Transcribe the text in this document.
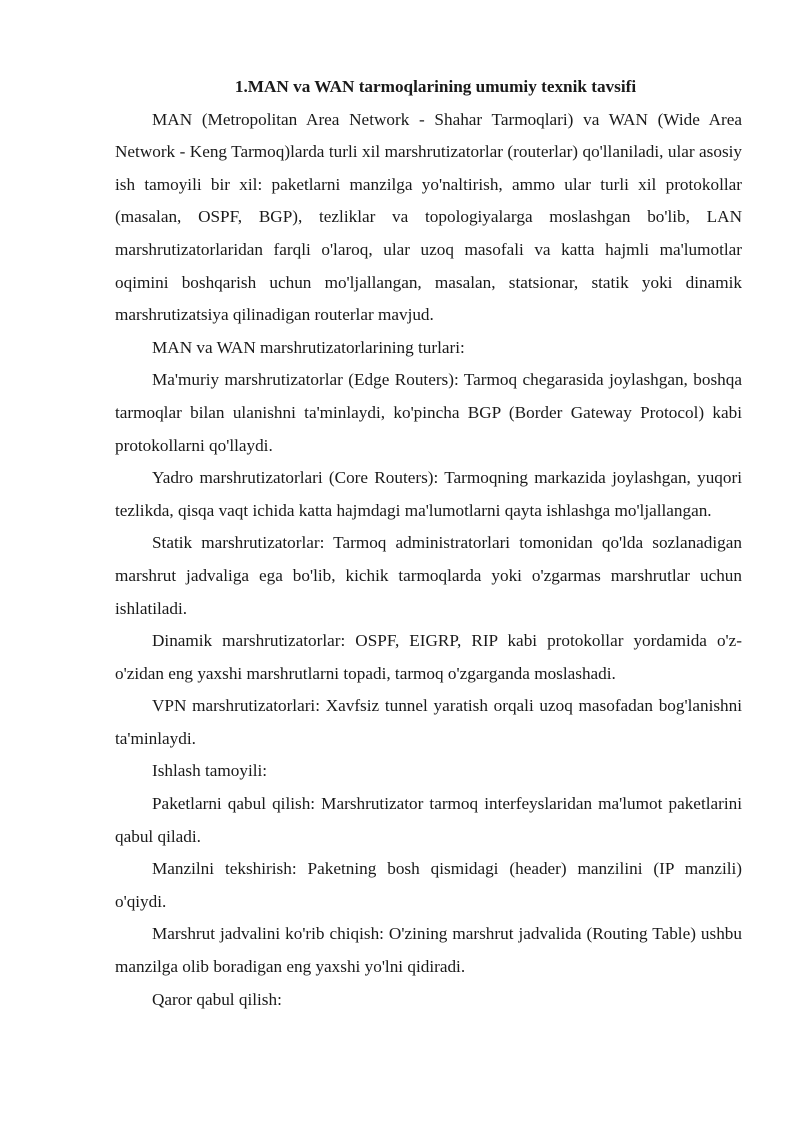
1.MAN va WAN tarmoqlarining umumiy texnik tavsifi

MAN (Metropolitan Area Network - Shahar Tarmoqlari) va WAN (Wide Area Network - Keng Tarmoq)larda turli xil marshrutizatorlar (routerlar) qo'llaniladi, ular asosiy ish tamoyili bir xil: paketlarni manzilga yo'naltirish, ammo ular turli xil protokollar (masalan, OSPF, BGP), tezliklar va topologiyalarga moslashgan bo'lib, LAN marshrutizatorlaridan farqli o'laroq, ular uzoq masofali va katta hajmli ma'lumotlar oqimini boshqarish uchun mo'ljallangan, masalan, statsionar, statik yoki dinamik marshrutizatsiya qilinadigan routerlar mavjud.

MAN va WAN marshrutizatorlarining turlari:

Ma'muriy marshrutizatorlar (Edge Routers): Tarmoq chegarasida joylashgan, boshqa tarmoqlar bilan ulanishni ta'minlaydi, ko'pincha BGP (Border Gateway Protocol) kabi protokollarni qo'llaydi.

Yadro marshrutizatorlari (Core Routers): Tarmoqning markazida joylashgan, yuqori tezlikda, qisqa vaqt ichida katta hajmdagi ma'lumotlarni qayta ishlashga mo'ljallangan.

Statik marshrutizatorlar: Tarmoq administratorlari tomonidan qo'lda sozlanadigan marshrut jadvaliga ega bo'lib, kichik tarmoqlarda yoki o'zgarmas marshrutlar uchun ishlatiladi.

Dinamik marshrutizatorlar: OSPF, EIGRP, RIP kabi protokollar yordamida o'z-o'zidan eng yaxshi marshrutlarni topadi, tarmoq o'zgarganda moslashadi.

VPN marshrutizatorlari: Xavfsiz tunnel yaratish orqali uzoq masofadan bog'lanishni ta'minlaydi.

Ishlash tamoyili:

Paketlarni qabul qilish: Marshrutizator tarmoq interfeyslaridan ma'lumot paketlarini qabul qiladi.

Manzilni tekshirish: Paketning bosh qismidagi (header) manzilini (IP manzili) o'qiydi.

Marshrut jadvalini ko'rib chiqish: O'zining marshrut jadvalida (Routing Table) ushbu manzilga olib boradigan eng yaxshi yo'lni qidiradi.

Qaror qabul qilish:
